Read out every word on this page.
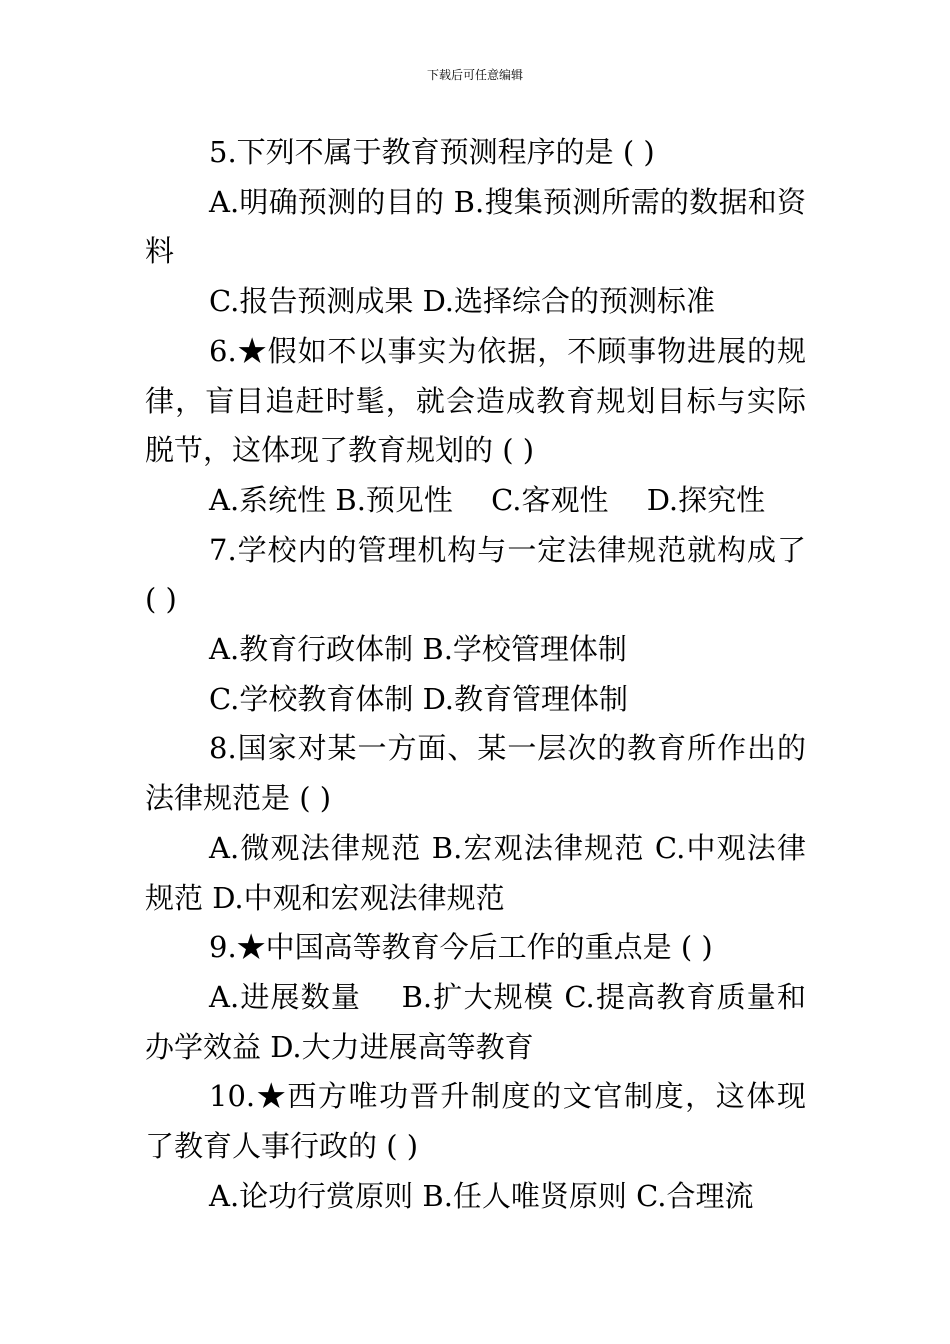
下载后可任意编辑

5.下列不属于教育预测程序的是 ( )

A.明确预测的目的 B.搜集预测所需的数据和资料

C.报告预测成果 D.选择综合的预测标准

6.★假如不以事实为依据，不顾事物进展的规律，盲目追赶时髦，就会造成教育规划目标与实际脱节，这体现了教育规划的 ( )

A.系统性 B.预见性　 C.客观性　 D.探究性

7.学校内的管理机构与一定法律规范就构成了 ( )

A.教育行政体制 B.学校管理体制

C.学校教育体制 D.教育管理体制

8.国家对某一方面、某一层次的教育所作出的法律规范是 ( )

A.微观法律规范 B.宏观法律规范 C.中观法律规范 D.中观和宏观法律规范

9.★中国高等教育今后工作的重点是 ( )

A.进展数量　 B.扩大规模 C.提高教育质量和办学效益 D.大力进展高等教育

10.★西方唯功晋升制度的文官制度，这体现了教育人事行政的 ( )

A.论功行赏原则 B.任人唯贤原则 C.合理流
